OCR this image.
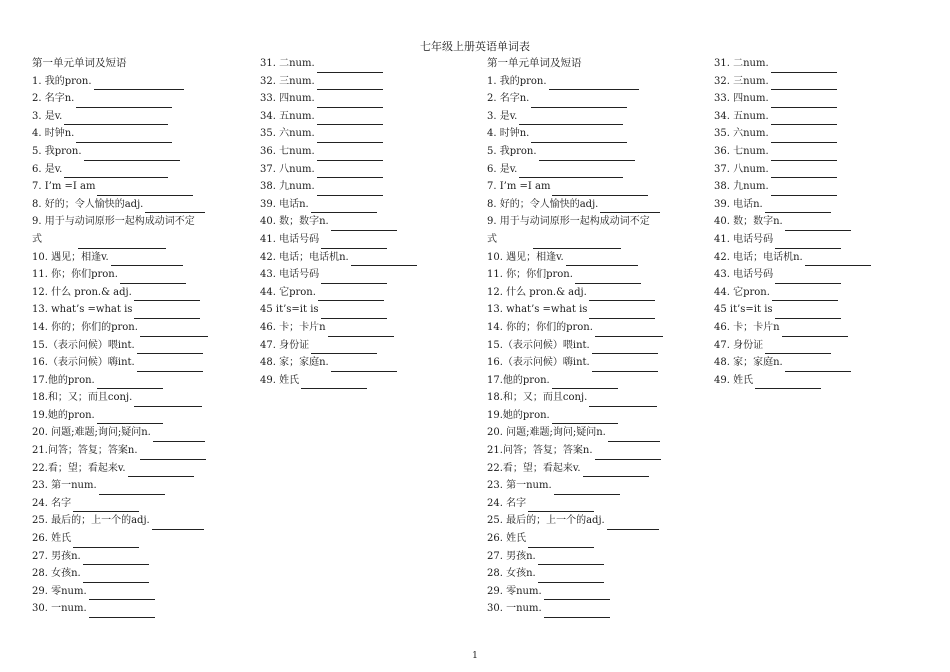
七年级上册英语单词表
第一单元单词及短语
1. 我的pron.
2. 名字n.
3. 是v.
4. 时钟n.
5. 我pron.
6. 是v.
7. I’m =I am
8. 好的；令人愉快的adj.
9. 用于与动词原形一起构成动词不定
式
10. 遇见；相逢v.
11. 你；你们pron.
12. 什么 pron.& adj.
13. what’s =what is
14. 你的；你们的pron.
15.（表示问候）喂int.
16.（表示问候）嗨int.
17.他的pron.
18.和；又；而且conj.
19.她的pron.
20. 问题;难题;询问;疑问n.
21.问答；答复；答案n.
22.看；望；看起来v.
23. 第一num.
24. 名字
25. 最后的；上一个的adj.
26. 姓氏
27. 男孩n.
28. 女孩n.
29. 零num.
30. 一num.
31. 二num.
32. 三num.
33. 四num.
34. 五num.
35. 六num.
36. 七num.
37. 八num.
38. 九num.
39. 电话n.
40. 数；数字n.
41. 电话号码
42. 电话；电话机n.
43. 电话号码
44. 它pron.
45 it’s=it is
46. 卡；卡片n
47. 身份证
48. 家；家庭n.
49. 姓氏
第一单元单词及短语
1. 我的pron.
2. 名字n.
3. 是v.
4. 时钟n.
5. 我pron.
6. 是v.
7. I’m =I am
8. 好的；令人愉快的adj.
9. 用于与动词原形一起构成动词不定
式
10. 遇见；相逢v.
11. 你；你们pron.
12. 什么 pron.& adj.
13. what’s =what is
14. 你的；你们的pron.
15.（表示问候）喂int.
16.（表示问候）嗨int.
17.他的pron.
18.和；又；而且conj.
19.她的pron.
20. 问题;难题;询问;疑问n.
21.问答；答复；答案n.
22.看；望；看起来v.
23. 第一num.
24. 名字
25. 最后的；上一个的adj.
26. 姓氏
27. 男孩n.
28. 女孩n.
29. 零num.
30. 一num.
31. 二num.
32. 三num.
33. 四num.
34. 五num.
35. 六num.
36. 七num.
37. 八num.
38. 九num.
39. 电话n.
40. 数；数字n.
41. 电话号码
42. 电话；电话机n.
43. 电话号码
44. 它pron.
45 it’s=it is
46. 卡；卡片n
47. 身份证
48. 家；家庭n.
49. 姓氏
1
